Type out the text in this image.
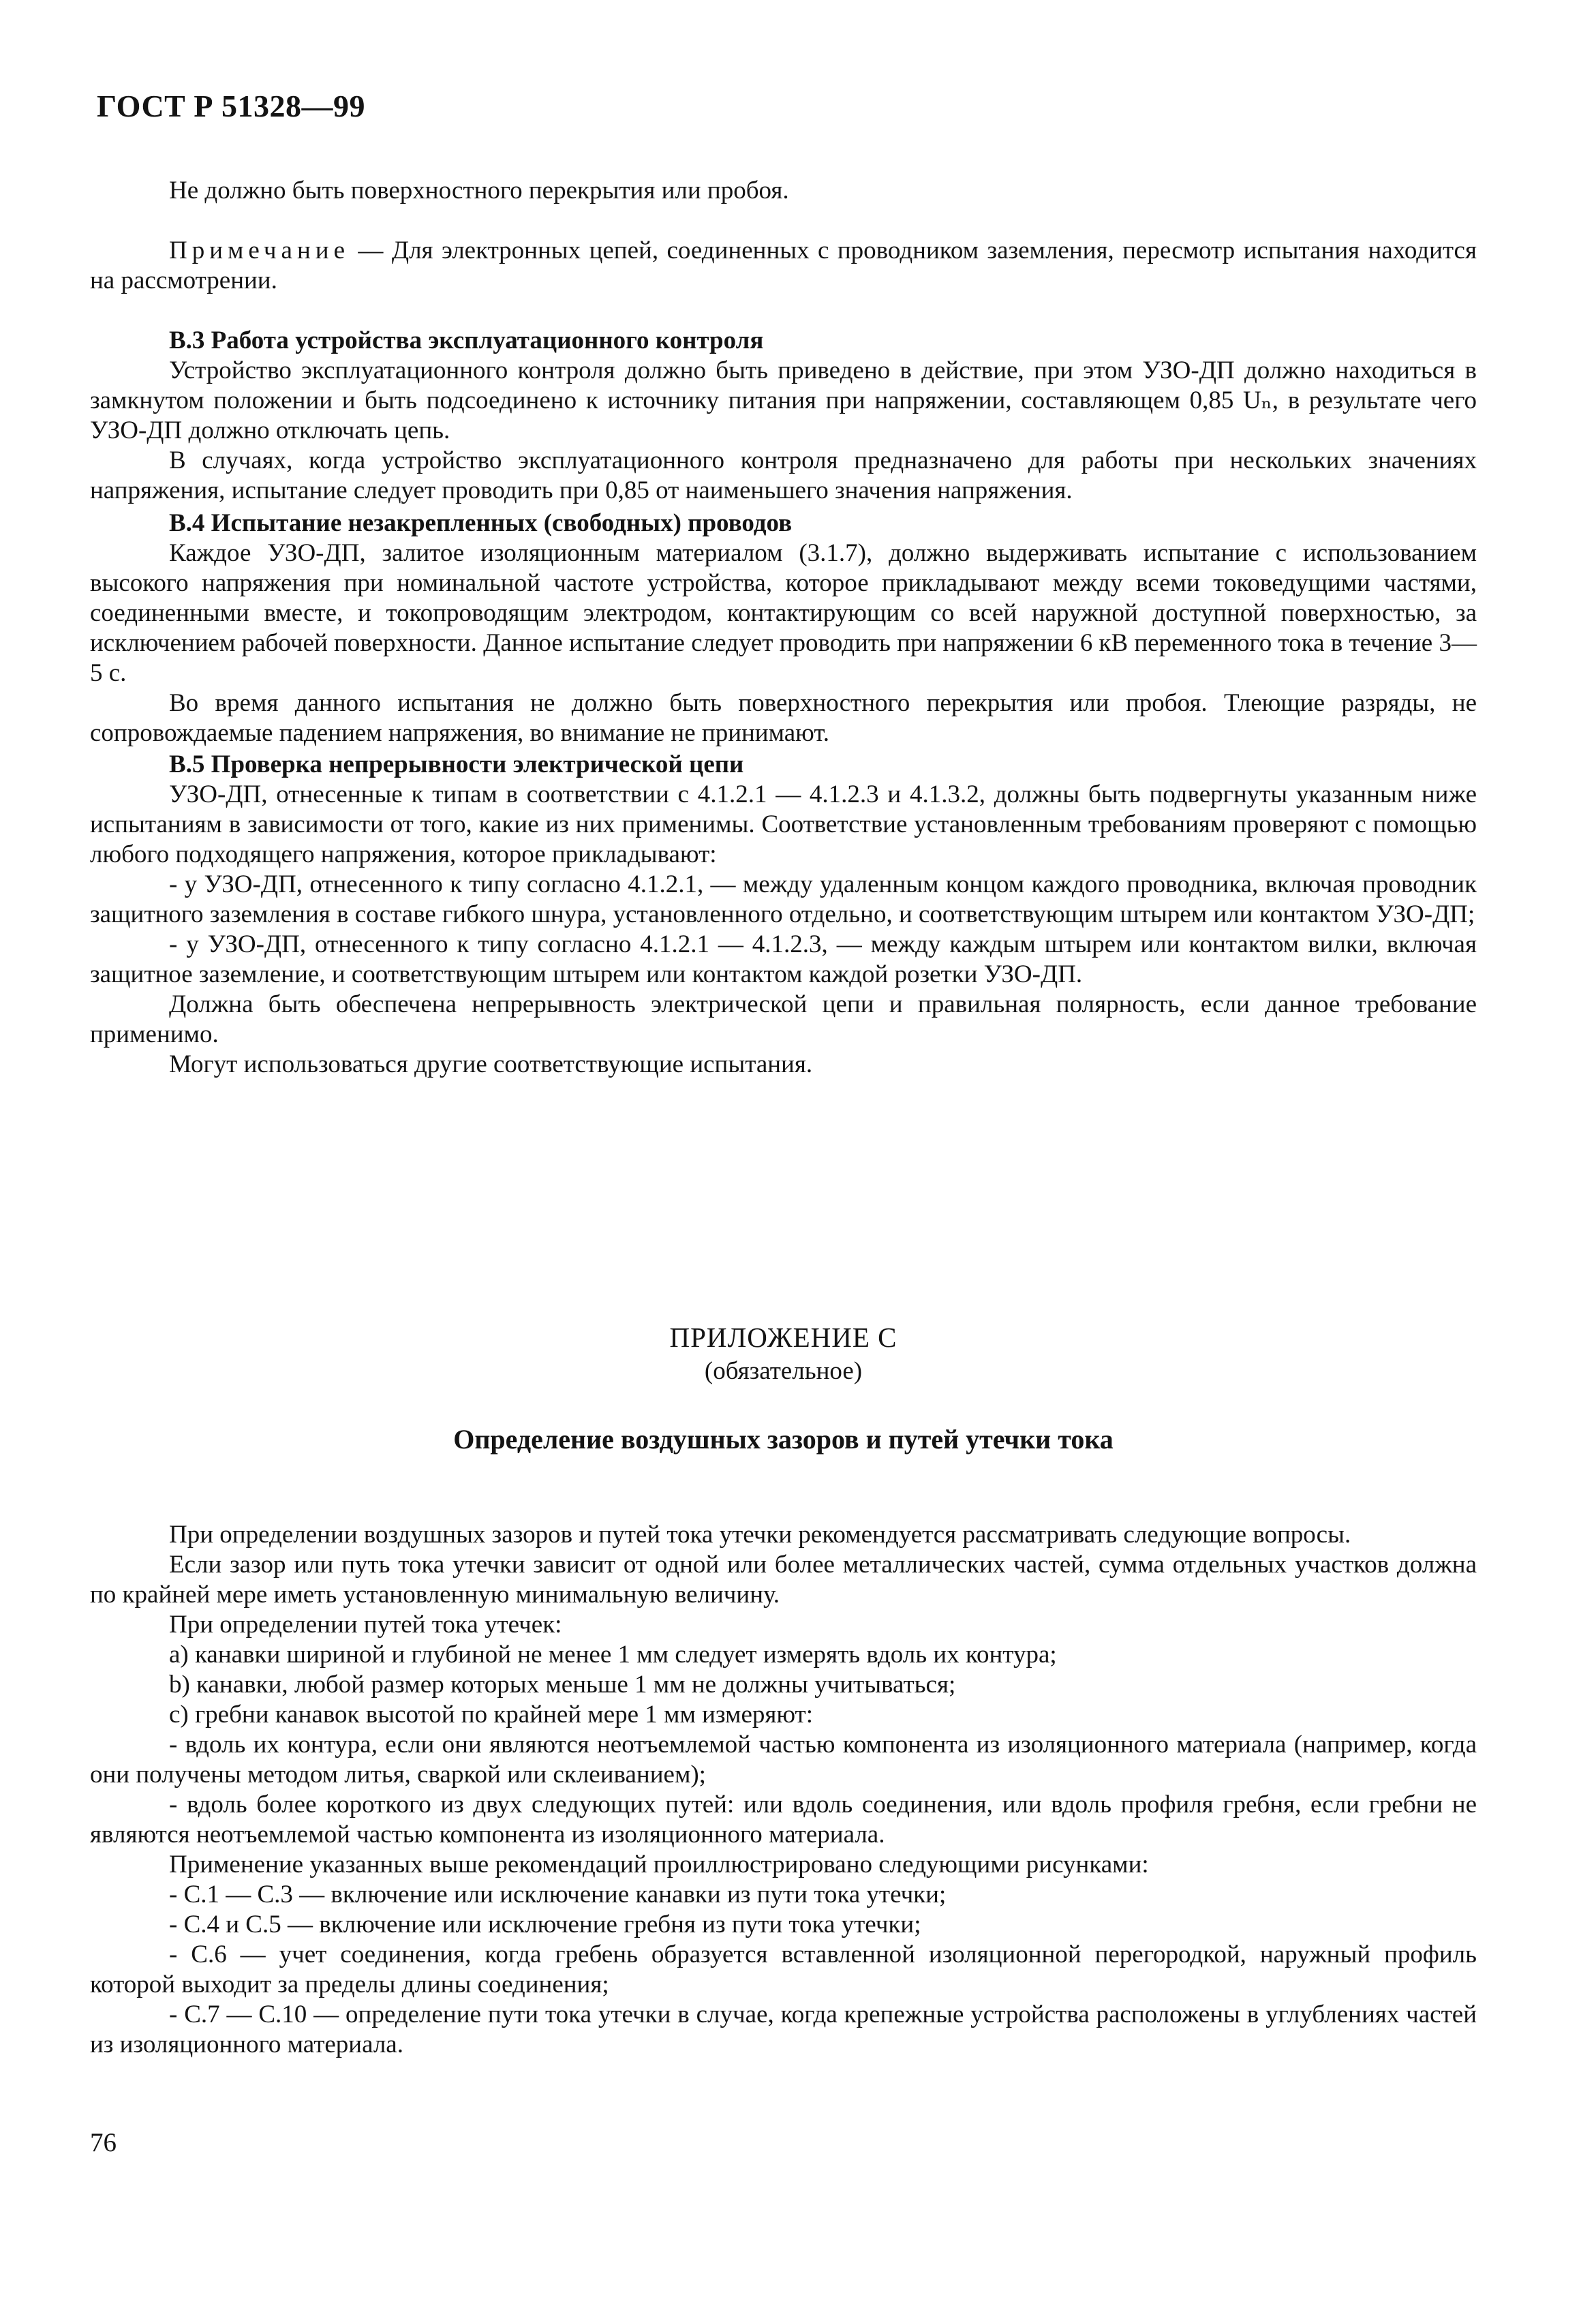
ГОСТ Р 51328—99

Не должно быть поверхностного перекрытия или пробоя.

Примечание — Для электронных цепей, соединенных с проводником заземления, пересмотр испытания находится на рассмотрении.

В.3 Работа устройства эксплуатационного контроля

Устройство эксплуатационного контроля должно быть приведено в действие, при этом УЗО-ДП должно находиться в замкнутом положении и быть подсоединено к источнику питания при напряжении, составляющем 0,85 Uₙ, в результате чего УЗО-ДП должно отключать цепь.

В случаях, когда устройство эксплуатационного контроля предназначено для работы при нескольких значениях напряжения, испытание следует проводить при 0,85 от наименьшего значения напряжения.

В.4 Испытание незакрепленных (свободных) проводов

Каждое УЗО-ДП, залитое изоляционным материалом (3.1.7), должно выдерживать испытание с использованием высокого напряжения при номинальной частоте устройства, которое прикладывают между всеми токоведущими частями, соединенными вместе, и токопроводящим электродом, контактирующим со всей наружной доступной поверхностью, за исключением рабочей поверхности. Данное испытание следует проводить при напряжении 6 кВ переменного тока в течение 3—5 с.

Во время данного испытания не должно быть поверхностного перекрытия или пробоя. Тлеющие разряды, не сопровождаемые падением напряжения, во внимание не принимают.

В.5 Проверка непрерывности электрической цепи

УЗО-ДП, отнесенные к типам в соответствии с 4.1.2.1 — 4.1.2.3 и 4.1.3.2, должны быть подвергнуты указанным ниже испытаниям в зависимости от того, какие из них применимы. Соответствие установленным требованиям проверяют с помощью любого подходящего напряжения, которое прикладывают:

- у УЗО-ДП, отнесенного к типу согласно 4.1.2.1, — между удаленным концом каждого проводника, включая проводник защитного заземления в составе гибкого шнура, установленного отдельно, и соответствующим штырем или контактом УЗО-ДП;

- у УЗО-ДП, отнесенного к типу согласно 4.1.2.1 — 4.1.2.3, — между каждым штырем или контактом вилки, включая защитное заземление, и соответствующим штырем или контактом каждой розетки УЗО-ДП.

Должна быть обеспечена непрерывность электрической цепи и правильная полярность, если данное требование применимо.

Могут использоваться другие соответствующие испытания.

ПРИЛОЖЕНИЕ С
(обязательное)
Определение воздушных зазоров и путей утечки тока

При определении воздушных зазоров и путей тока утечки рекомендуется рассматривать следующие вопросы.

Если зазор или путь тока утечки зависит от одной или более металлических частей, сумма отдельных участков должна по крайней мере иметь установленную минимальную величину.

При определении путей тока утечек:

a) канавки шириной и глубиной не менее 1 мм следует измерять вдоль их контура;

b) канавки, любой размер которых меньше 1 мм не должны учитываться;

c) гребни канавок высотой по крайней мере 1 мм измеряют:

- вдоль их контура, если они являются неотъемлемой частью компонента из изоляционного материала (например, когда они получены методом литья, сваркой или склеиванием);

- вдоль более короткого из двух следующих путей: или вдоль соединения, или вдоль профиля гребня, если гребни не являются неотъемлемой частью компонента из изоляционного материала.

Применение указанных выше рекомендаций проиллюстрировано следующими рисунками:

- С.1 — С.3 — включение или исключение канавки из пути тока утечки;

- С.4 и С.5 — включение или исключение гребня из пути тока утечки;

- С.6 — учет соединения, когда гребень образуется вставленной изоляционной перегородкой, наружный профиль которой выходит за пределы длины соединения;

- С.7 — С.10 — определение пути тока утечки в случае, когда крепежные устройства расположены в углублениях частей из изоляционного материала.

76
